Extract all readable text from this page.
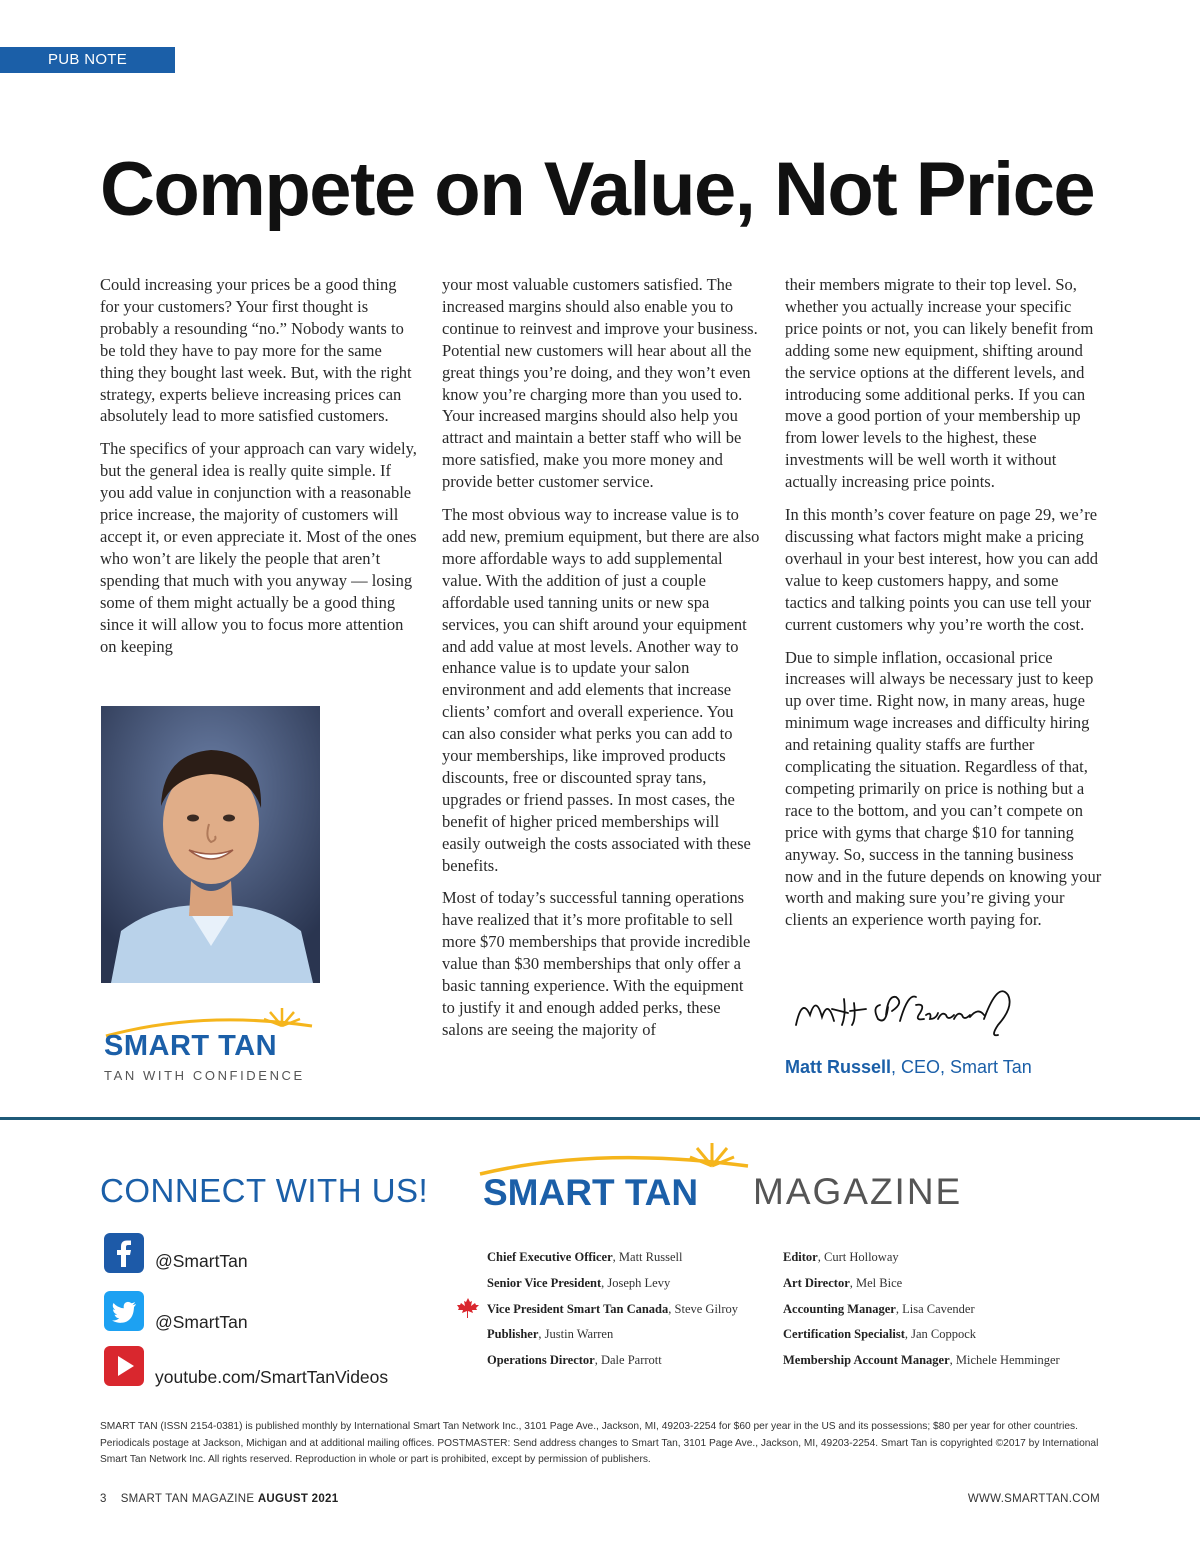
PUB NOTE
Compete on Value, Not Price

Could increasing your prices be a good thing for your customers? Your first thought is probably a resounding “no.” Nobody wants to be told they have to pay more for the same thing they bought last week. But, with the right strategy, experts believe increasing prices can absolutely lead to more satisfied customers.

The specifics of your approach can vary widely, but the general idea is really quite simple. If you add value in conjunction with a reasonable price increase, the majority of customers will accept it, or even appreciate it. Most of the ones who won’t are likely the people that aren’t spending that much with you anyway — losing some of them might actually be a good thing since it will allow you to focus more attention on keeping

your most valuable customers satisfied. The increased margins should also enable you to continue to reinvest and improve your business. Potential new customers will hear about all the great things you’re doing, and they won’t even know you’re charging more than you used to. Your increased margins should also help you attract and maintain a better staff who will be more satisfied, make you more money and provide better customer service.

The most obvious way to increase value is to add new, premium equipment, but there are also more affordable ways to add supplemental value. With the addition of just a couple affordable used tanning units or new spa services, you can shift around your equipment and add value at most levels. Another way to enhance value is to update your salon environment and add elements that increase clients’ comfort and overall experience. You can also consider what perks you can add to your memberships, like improved products discounts, free or discounted spray tans, upgrades or friend passes. In most cases, the benefit of higher priced memberships will easily outweigh the costs associated with these benefits.

Most of today’s successful tanning operations have realized that it’s more profitable to sell more $70 memberships that provide incredible value than $30 memberships that only offer a basic tanning experience. With the equipment to justify it and enough added perks, these salons are seeing the majority of

their members migrate to their top level. So, whether you actually increase your specific price points or not, you can likely benefit from adding some new equipment, shifting around the service options at the different levels, and introducing some additional perks. If you can move a good portion of your membership up from lower levels to the highest, these investments will be well worth it without actually increasing price points.

In this month’s cover feature on page 29, we’re discussing what factors might make a pricing overhaul in your best interest, how you can add value to keep customers happy, and some tactics and talking points you can use tell your current customers why you’re worth the cost.

Due to simple inflation, occasional price increases will always be necessary just to keep up over time. Right now, in many areas, huge minimum wage increases and difficulty hiring and retaining quality staffs are further complicating the situation. Regardless of that, competing primarily on price is nothing but a race to the bottom, and you can’t compete on price with gyms that charge $10 for tanning anyway. So, success in the tanning business now and in the future depends on knowing your worth and making sure you’re giving your clients an experience worth paying for.

SMART TAN
TAN WITH CONFIDENCE	Matt Russell, CEO, Smart Tan
CONNECT WITH US!
@SmartTan
@SmartTan
youtube.com/SmartTanVideos
SMART TAN MAGAZINE
Chief Executive Officer, Matt Russell
Senior Vice President, Joseph Levy
Vice President Smart Tan Canada, Steve Gilroy
Publisher, Justin Warren
Operations Director, Dale Parrott
Editor, Curt Holloway
Art Director, Mel Bice
Accounting Manager, Lisa Cavender
Certification Specialist, Jan Coppock
Membership Account Manager, Michele Hemminger
SMART TAN (ISSN 2154-0381) is published monthly by International Smart Tan Network Inc., 3101 Page Ave., Jackson, MI, 49203-2254 for $60 per year in the US and its possessions; $80 per year for other countries. Periodicals postage at Jackson, Michigan and at additional mailing offices. POSTMASTER: Send address changes to Smart Tan, 3101 Page Ave., Jackson, MI, 49203-2254. Smart Tan is copyrighted ©2017 by International Smart Tan Network Inc. All rights reserved. Reproduction in whole or part is prohibited, except by permission of publishers.
3 SMART TAN MAGAZINE AUGUST 2021	WWW.SMARTTAN.COM
